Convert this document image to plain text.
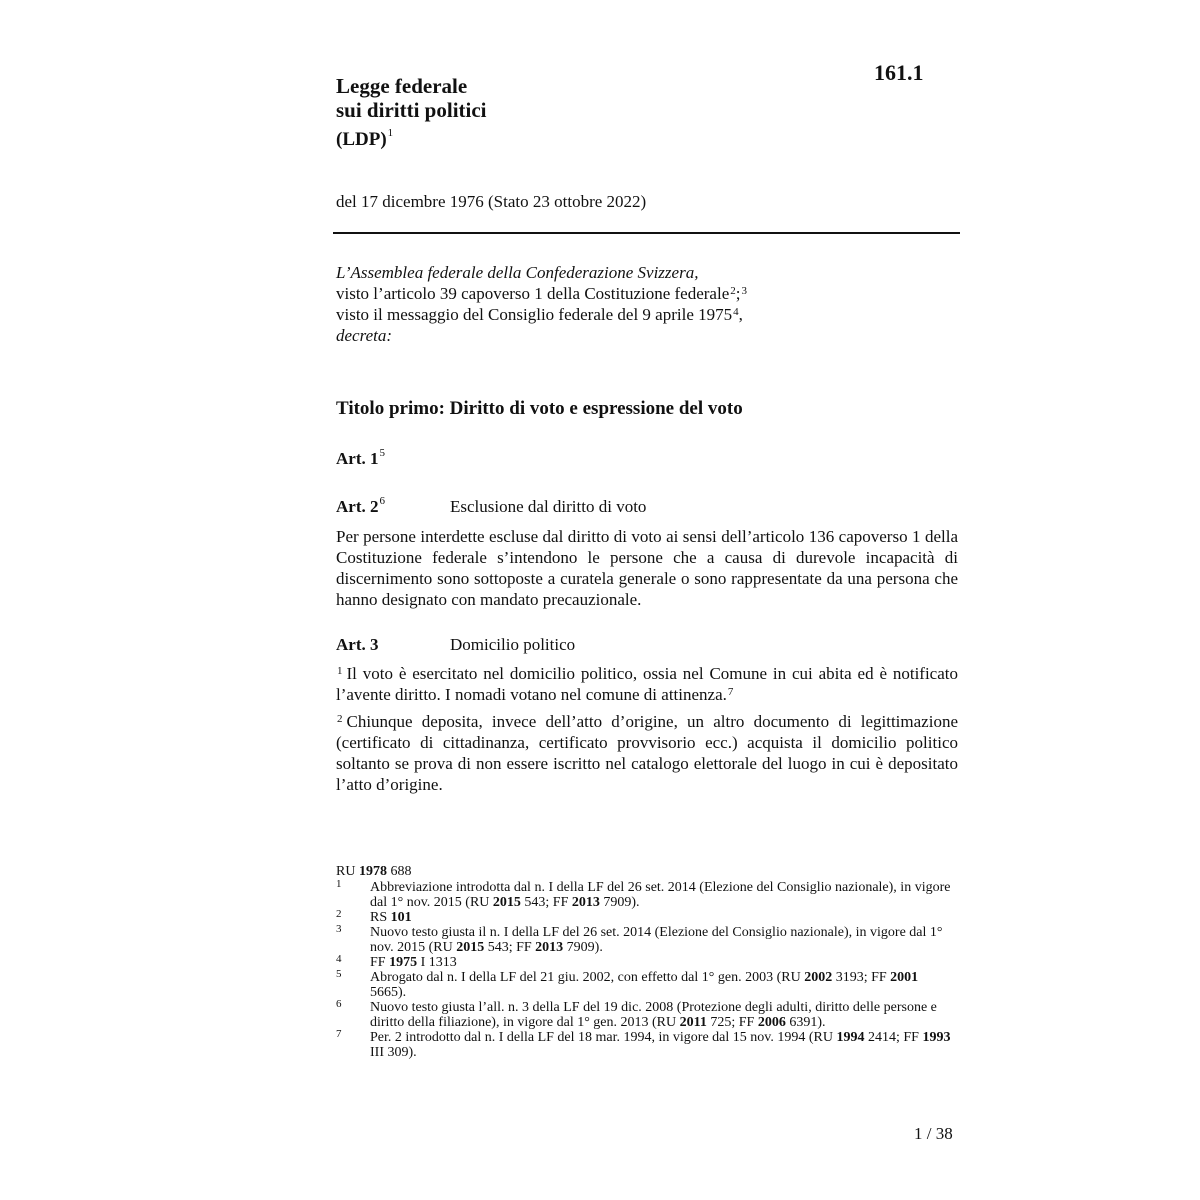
Legge federale
sui diritti politici
161.1
(LDP)$^1$
del 17 dicembre 1976 (Stato 23 ottobre 2022)
L’Assemblea federale della Confederazione Svizzera,
visto l’articolo 39 capoverso 1 della Costituzione federale$^2$;$^3$
visto il messaggio del Consiglio federale del 9 aprile 1975$^4$,
decreta:
Titolo primo: Diritto di voto e espressione del voto
Art. $1^5$
Art. $2^6$	Esclusione dal diritto di voto
Per persone interdette escluse dal diritto di voto ai sensi dell’articolo 136 capoverso 1 della Costituzione federale s’intendono le persone che a causa di durevole incapacità di discernimento sono sottoposte a curatela generale o sono rappresentate da una persona che hanno designato con mandato precauzionale.
Art. 3	Domicilio politico
$^1$ Il voto è esercitato nel domicilio politico, ossia nel Comune in cui abita ed è notificato l’avente diritto. I nomadi votano nel comune di attinenza.$^7$
$^2$ Chiunque deposita, invece dell’atto d’origine, un altro documento di legittimazione (certificato di cittadinanza, certificato provvisorio ecc.) acquista il domicilio politico soltanto se prova di non essere iscritto nel catalogo elettorale del luogo in cui è depositato l’atto d’origine.
RU 1978 688
1 Abbreviazione introdotta dal n. I della LF del 26 set. 2014 (Elezione del Consiglio nazionale), in vigore dal 1° nov. 2015 (RU 2015 543; FF 2013 7909).
2 RS 101
3 Nuovo testo giusta il n. I della LF del 26 set. 2014 (Elezione del Consiglio nazionale), in vigore dal 1° nov. 2015 (RU 2015 543; FF 2013 7909).
4 FF 1975 I 1313
5 Abrogato dal n. I della LF del 21 giu. 2002, con effetto dal 1° gen. 2003 (RU 2002 3193; FF 2001 5665).
6 Nuovo testo giusta l’all. n. 3 della LF del 19 dic. 2008 (Protezione degli adulti, diritto delle persone e diritto della filiazione), in vigore dal 1° gen. 2013 (RU 2011 725; FF 2006 6391).
7 Per. 2 introdotto dal n. I della LF del 18 mar. 1994, in vigore dal 15 nov. 1994 (RU 1994 2414; FF 1993 III 309).
1 / 38
